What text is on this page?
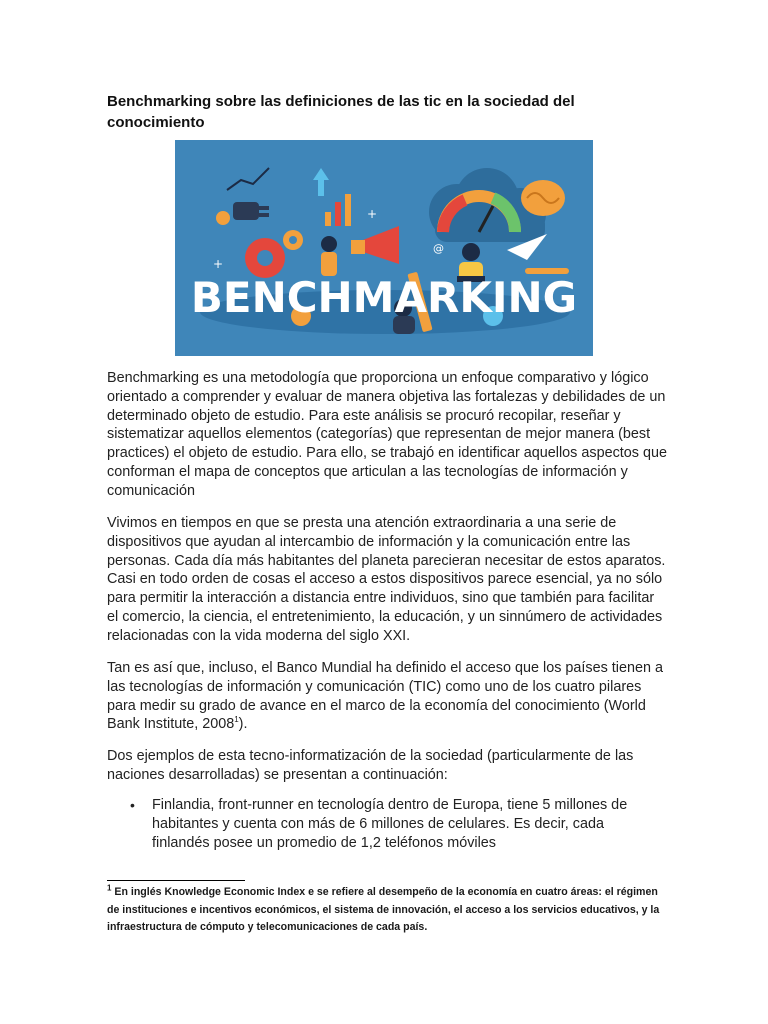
Benchmarking sobre las definiciones de las tic en la sociedad del conocimiento
+
+
@
BENCHMARKING

Benchmarking es una metodología que proporciona un enfoque comparativo y lógico orientado a comprender y evaluar de manera objetiva las fortalezas y debilidades de un determinado objeto de estudio. Para este análisis se procuró recopilar, reseñar y sistematizar aquellos elementos (categorías) que representan de mejor manera (best practices) el objeto de estudio. Para ello, se trabajó en identificar aquellos aspectos que conforman el mapa de conceptos que articulan a las tecnologías de información y comunicación

Vivimos en tiempos en que se presta una atención extraordinaria a una serie de dispositivos que ayudan al intercambio de información y la comunicación entre las personas. Cada día más habitantes del planeta parecieran necesitar de estos aparatos. Casi en todo orden de cosas el acceso a estos dispositivos parece esencial, ya no sólo para permitir la interacción a distancia entre individuos, sino que también para facilitar el comercio, la ciencia, el entretenimiento, la educación, y un sinnúmero de actividades relacionadas con la vida moderna del siglo XXI.

Tan es así que, incluso, el Banco Mundial ha definido el acceso que los países tienen a las tecnologías de información y comunicación (TIC) como uno de los cuatro pilares para medir su grado de avance en el marco de la economía del conocimiento (World Bank Institute, 2008$^1$).

Dos ejemplos de esta tecno-informatización de la sociedad (particularmente de las naciones desarrolladas) se presentan a continuación:

• Finlandia, front-runner en tecnología dentro de Europa, tiene 5 millones de habitantes y cuenta con más de 6 millones de celulares. Es decir, cada finlandés posee un promedio de 1,2 teléfonos móviles

$^1$ En inglés Knowledge Economic Index e se refiere al desempeño de la economía en cuatro áreas: el régimen de instituciones e incentivos económicos, el sistema de innovación, el acceso a los servicios educativos, y la infraestructura de cómputo y telecomunicaciones de cada país.
